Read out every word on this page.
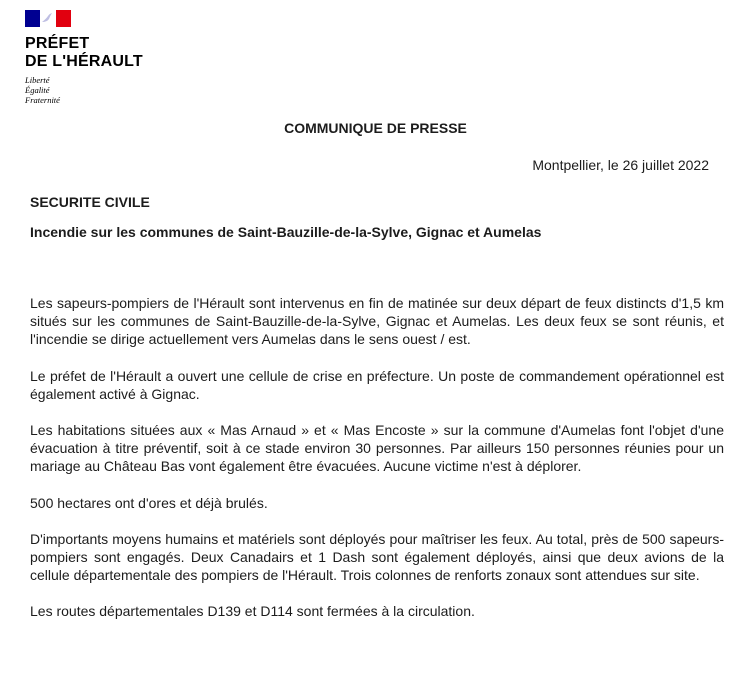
PRÉFET
DE L'HÉRAULT
Liberté
Égalité
Fraternité
COMMUNIQUE DE PRESSE
Montpellier, le 26 juillet 2022
SECURITE CIVILE
Incendie sur les communes de Saint-Bauzille-de-la-Sylve, Gignac et Aumelas

Les sapeurs-pompiers de l'Hérault sont intervenus en fin de matinée sur deux départ de feux distincts d'1,5 km situés sur les communes de Saint-Bauzille-de-la-Sylve, Gignac et Aumelas. Les deux feux se sont réunis, et l'incendie se dirige actuellement vers Aumelas dans le sens ouest / est.

Le préfet de l'Hérault a ouvert une cellule de crise en préfecture. Un poste de commandement opérationnel est également activé à Gignac.

Les habitations situées aux « Mas Arnaud » et « Mas Encoste » sur la commune d'Aumelas font l'objet d'une évacuation à titre préventif, soit à ce stade environ 30 personnes. Par ailleurs 150 personnes réunies pour un mariage au Château Bas vont également être évacuées. Aucune victime n'est à déplorer.

500 hectares ont d'ores et déjà brulés.

D'importants moyens humains et matériels sont déployés pour maîtriser les feux. Au total, près de 500 sapeurs-pompiers sont engagés. Deux Canadairs et 1 Dash sont également déployés, ainsi que deux avions de la cellule départementale des pompiers de l'Hérault. Trois colonnes de renforts zonaux sont attendues sur site.

Les routes départementales D139 et D114 sont fermées à la circulation.
